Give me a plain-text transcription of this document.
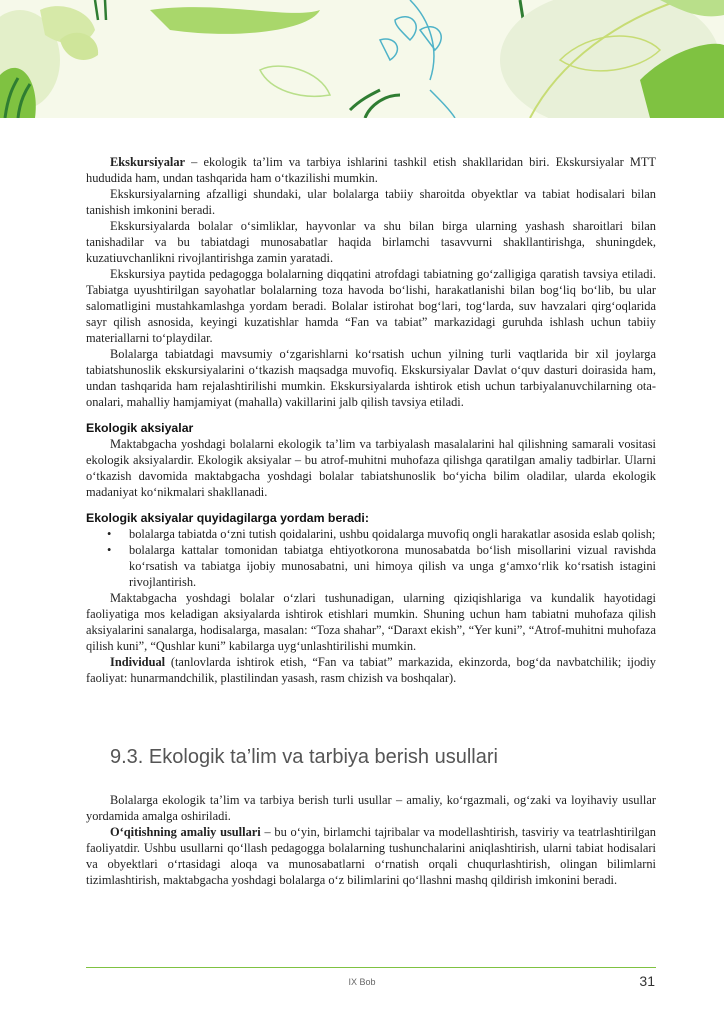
Ekskursiyalar – ekologik ta’lim va tarbiya ishlarini tashkil etish shakllaridan biri. Ekskursiyalar MTT hududida ham, undan tashqarida ham o‘tkazilishi mumkin.

Ekskursiyalarning afzalligi shundaki, ular bolalarga tabiiy sharoitda obyektlar va tabiat hodisalari bilan tanishish imkonini beradi.

Ekskursiyalarda bolalar o‘simliklar, hayvonlar va shu bilan birga ularning yashash sharoitlari bilan tanishadilar va bu tabiatdagi munosabatlar haqida birlamchi tasavvurni shakllantirishga, shuningdek, kuzatiuvchanlikni rivojlantirishga zamin yaratadi.

Ekskursiya paytida pedagogga bolalarning diqqatini atrofdagi tabiatning go‘zalligiga qaratish tavsiya etiladi. Tabiatga uyushtirilgan sayohatlar bolalarning toza havoda bo‘lishi, harakatlanishi bilan bog‘liq bo‘lib, bu ular salomatligini mustahkamlashga yordam beradi. Bolalar istirohat bog‘lari, tog‘larda, suv havzalari qirg‘oqlarida sayr qilish asnosida, keyingi kuzatishlar hamda “Fan va tabiat” markazidagi guruhda ishlash uchun tabiiy materiallarni to‘playdilar.

Bolalarga tabiatdagi mavsumiy o‘zgarishlarni ko‘rsatish uchun yilning turli vaqtlarida bir xil joylarga tabiatshunoslik ekskursiyalarini o‘tkazish maqsadga muvofiq. Ekskursiyalar Davlat o‘quv dasturi doirasida ham, undan tashqarida ham rejalashtirilishi mumkin. Ekskursiyalarda ishtirok etish uchun tarbiyalanuvchilarning ota-onalari, mahalliy hamjamiyat (mahalla) vakillarini jalb qilish tavsiya etiladi.

Ekologik aksiyalar

Maktabgacha yoshdagi bolalarni ekologik ta’lim va tarbiyalash masalalarini hal qilishning samarali vositasi ekologik aksiyalardir. Ekologik aksiyalar – bu atrof-muhitni muhofaza qilishga qaratilgan amaliy tadbirlar. Ularni o‘tkazish davomida maktabgacha yoshdagi bolalar tabiatshunoslik bo‘yicha bilim oladilar, ularda ekologik madaniyat ko‘nikmalari shakllanadi.

Ekologik aksiyalar quyidagilarga yordam beradi:
• bolalarga tabiatda o‘zni tutish qoidalarini, ushbu qoidalarga muvofiq ongli harakatlar asosida eslab qolish;
• bolalarga kattalar tomonidan tabiatga ehtiyotkorona munosabatda bo‘lish misollarini vizual ravishda ko‘rsatish va tabiatga ijobiy munosabatni, uni himoya qilish va unga g‘amxo‘rlik ko‘rsatish istagini rivojlantirish.

Maktabgacha yoshdagi bolalar o‘zlari tushunadigan, ularning qiziqishlariga va kundalik hayotidagi faoliyatiga mos keladigan aksiyalarda ishtirok etishlari mumkin. Shuning uchun ham tabiatni muhofaza qilish aksiyalarini sanalarga, hodisalarga, masalan: “Toza shahar”, “Daraxt ekish”, “Yer kuni”, “Atrof-muhitni muhofaza qilish kuni”, “Qushlar kuni” kabilarga uyg‘unlashtirilishi mumkin.

Individual (tanlovlarda ishtirok etish, “Fan va tabiat” markazida, ekinzorda, bog‘da navbatchilik; ijodiy faoliyat: hunarmandchilik, plastilindan yasash, rasm chizish va boshqalar).

9.3. Ekologik ta’lim va tarbiya berish usullari

Bolalarga ekologik ta’lim va tarbiya berish turli usullar – amaliy, ko‘rgazmali, og‘zaki va loyihaviy usullar yordamida amalga oshiriladi.

O‘qitishning amaliy usullari – bu o‘yin, birlamchi tajribalar va modellashtirish, tasviriy va teatrlashtirilgan faoliyatdir. Ushbu usullarni qo‘llash pedagogga bolalarning tushunchalarini aniqlashtirish, ularni tabiat hodisalari va obyektlari o‘rtasidagi aloqa va munosabatlarni o‘rnatish orqali chuqurlashtirish, olingan bilimlarni tizimlashtirish, maktabgacha yoshdagi bolalarga o‘z bilimlarini qo‘llashni mashq qildirish imkonini beradi.

IX Bob	31
